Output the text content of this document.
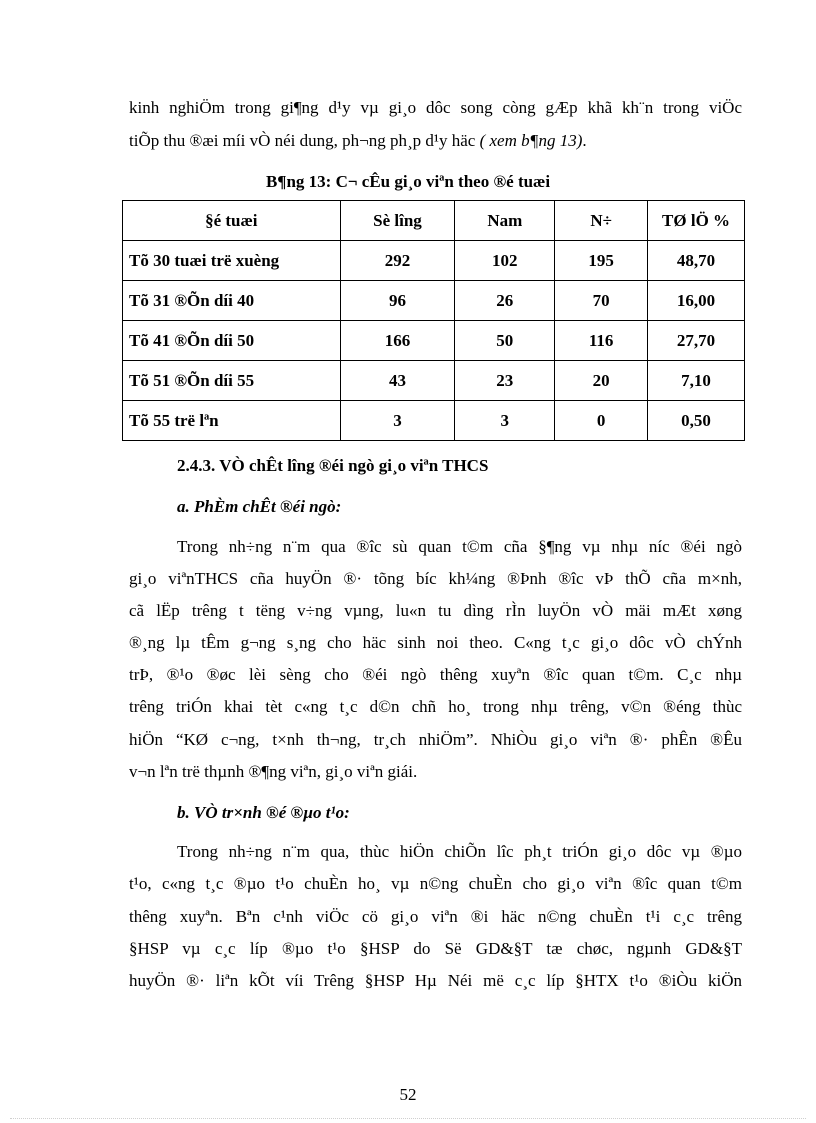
kinh nghiÖm trong gi¶ng d¹y vµ gi¸o dôc song còng gÆp khã kh¨n trong viÖc
tiÕp thu ®æi míi vÒ néi dung, ph¬ng ph¸p d¹y häc ( xem b¶ng 13).
B¶ng 13: C¬ cÊu gi¸o viªn theo ®é tuæi
§é tuæi	Sè lîng	Nam	N÷	TØ lÖ %
Tõ 30 tuæi trë xuèng	292	102	195	48,70
Tõ 31 ®Õn díi 40	96	26	70	16,00
Tõ 41 ®Õn díi 50	166	50	116	27,70
Tõ 51 ®Õn díi 55	43	23	20	7,10
Tõ 55 trë lªn	3	3	0	0,50
2.4.3. VÒ chÊt lîng ®éi ngò gi¸o viªn THCS
a. PhÈm chÊt ®éi ngò:
Trong nh÷ng n¨m qua ®îc sù quan t©m cña §¶ng vµ nhµ níc ®éi ngò
gi¸o viªnTHCS cña huyÖn ®· tõng bíc kh¼ng ®Þnh ®îc vÞ thÕ cña m×nh,
cã lËp trêng t tëng v÷ng vµng, lu«n tu dìng rÌn luyÖn vÒ mäi mÆt xøng
®¸ng lµ tÊm g¬ng s¸ng cho häc sinh noi theo. C«ng t¸c gi¸o dôc vÒ chÝnh
trÞ, ®¹o ®øc lèi sèng cho ®éi ngò thêng xuyªn ®îc quan t©m. C¸c nhµ
trêng triÓn khai tèt c«ng t¸c d©n chñ ho¸ trong nhµ trêng, v©n ®éng thùc
hiÖn “KØ c¬ng, t×nh th¬ng, tr¸ch nhiÖm”. NhiÒu gi¸o viªn ®· phÊn ®Êu
v¬n lªn trë thµnh ®¶ng viªn, gi¸o viªn giái.
b. VÒ tr×nh ®é ®µo t¹o:
Trong nh÷ng n¨m qua, thùc hiÖn chiÕn lîc ph¸t triÓn gi¸o dôc vµ ®µo
t¹o, c«ng t¸c ®µo t¹o chuÈn ho¸ vµ n©ng chuÈn cho gi¸o viªn ®îc quan t©m
thêng xuyªn. Bªn c¹nh viÖc cö gi¸o viªn ®i häc n©ng chuÈn t¹i c¸c trêng
§HSP vµ c¸c líp ®µo t¹o §HSP do Së GD&§T tæ chøc, ngµnh GD&§T
huyÖn ®· liªn kÕt víi Trêng §HSP Hµ Néi më c¸c líp §HTX t¹o ®iÒu kiÖn
52
